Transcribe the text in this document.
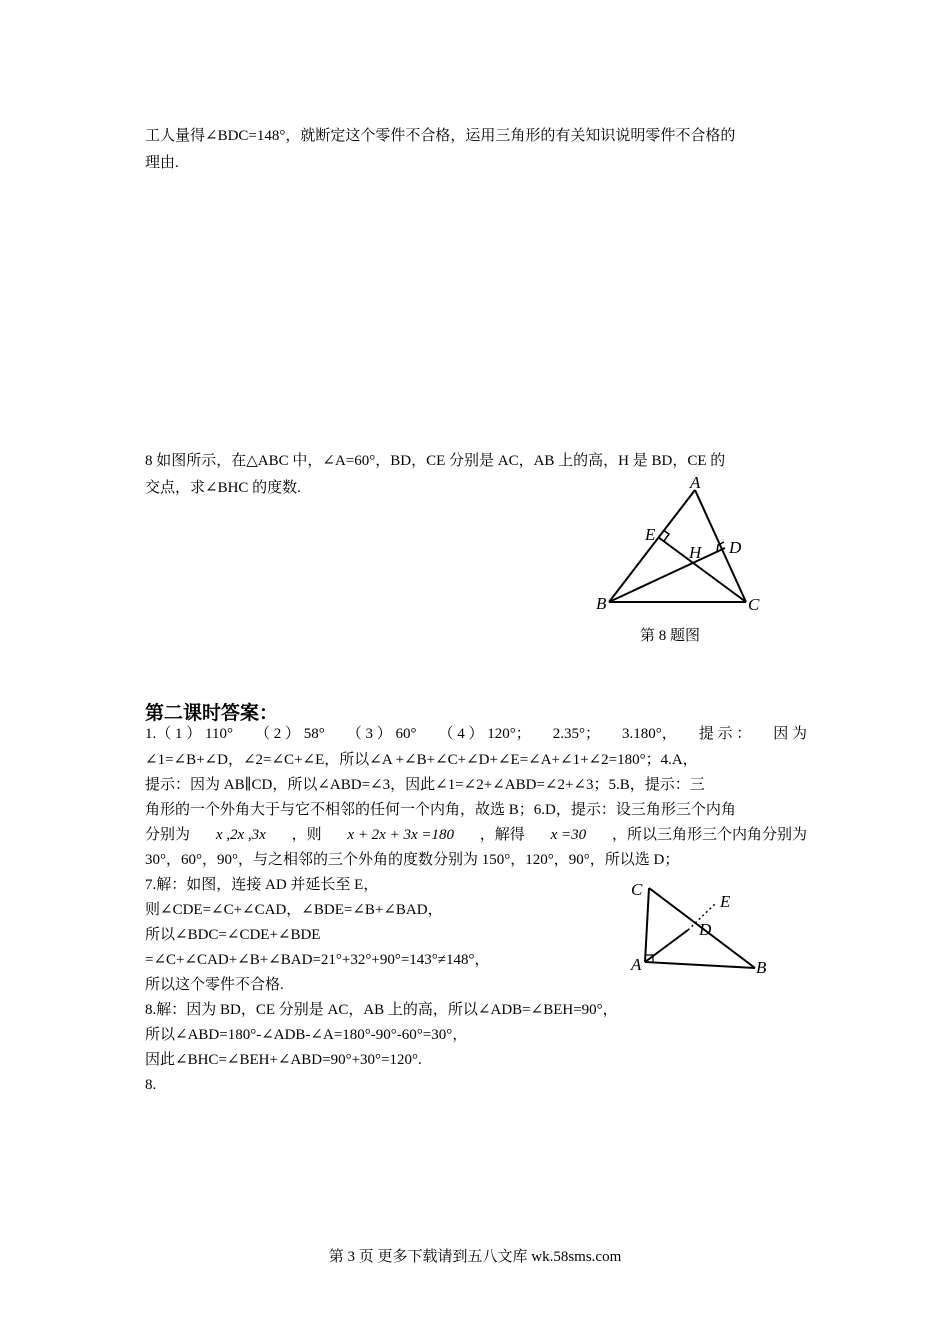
工人量得∠BDC=148°，就断定这个零件不合格，运用三角形的有关知识说明零件不合格的
理由.
8 如图所示，在△ABC 中，∠A=60°，BD，CE 分别是 AC，AB 上的高，H 是 BD，CE 的
交点，求∠BHC 的度数.	A
E
H D
B	C
第 8 题图
第二课时答案：
1.（ 1 ） 110° （ 2 ） 58° （ 3 ） 60° （ 4 ） 120°； 2.35°； 3.180°， 提 示 ： 因 为
∠1=∠B+∠D，∠2=∠C+∠E，所以∠A +∠B+∠C+∠D+∠E=∠A+∠1+∠2=180°；4.A，
提示：因为 AB∥CD，所以∠ABD=∠3，因此∠1=∠2+∠ABD=∠2+∠3；5.B，提示：三
角形的一个外角大于与它不相邻的任何一个内角，故选 B；6.D，提示：设三角形三个内角
分别为 x ,2x ,3x ，则 x + 2x + 3x =180 ，解得 x =30 ，所以三角形三个内角分别为
30°，60°，90°，与之相邻的三个外角的度数分别为 150°，120°，90°，所以选 D；
7.解：如图，连接 AD 并延长至 E，
则∠CDE=∠C+∠CAD，∠BDE=∠B+∠BAD，
所以∠BDC=∠CDE+∠BDE
=∠C+∠CAD+∠B+∠BAD=21°+32°+90°=143°≠148°，
所以这个零件不合格.
C
E
D
A	B
8.解：因为 BD，CE 分别是 AC，AB 上的高，所以∠ADB=∠BEH=90°，
所以∠ABD=180°-∠ADB-∠A=180°-90°-60°=30°，
因此∠BHC=∠BEH+∠ABD=90°+30°=120°.
8.
第 3 页 更多下载请到五八文库 wk.58sms.com
